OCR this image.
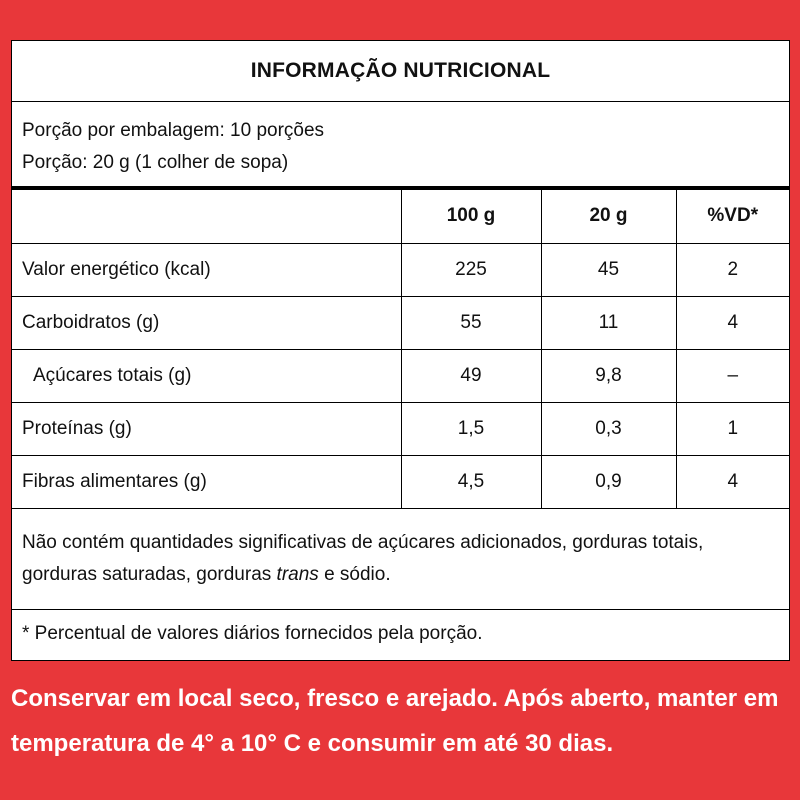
INFORMAÇÃO NUTRICIONAL
Porção por embalagem: 10 porções
Porção: 20 g (1 colher de sopa)
	100 g	20 g	%VD*
Valor energético (kcal)	225	45	2
Carboidratos (g)	55	11	4
Açúcares totais (g)	49	9,8	–
Proteínas (g)	1,5	0,3	1
Fibras alimentares (g)	4,5	0,9	4
Não contém quantidades significativas de açúcares adicionados, gorduras totais,
gorduras saturadas, gorduras trans e sódio.
* Percentual de valores diários fornecidos pela porção.
Conservar em local seco, fresco e arejado. Após aberto, manter em
temperatura de 4° a 10° C e consumir em até 30 dias.
